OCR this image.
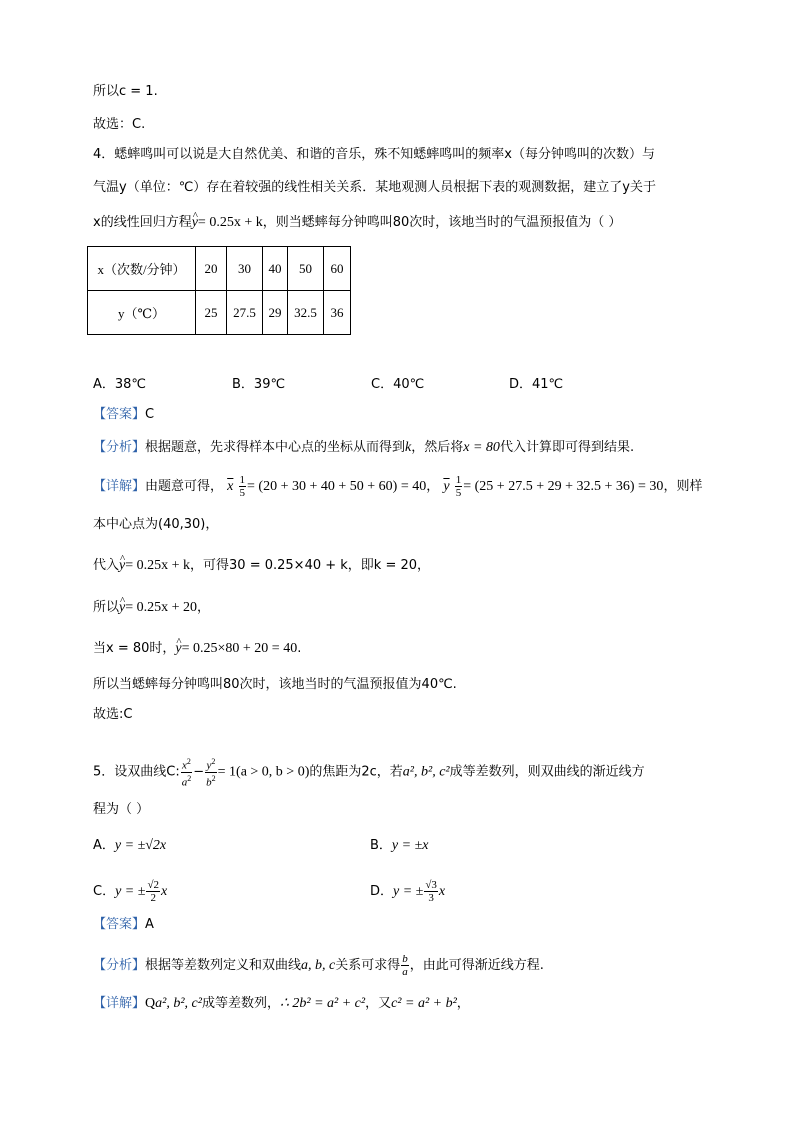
所以c = 1.
故选：C.
4．蟋蟀鸣叫可以说是大自然优美、和谐的音乐，殊不知蟋蟀鸣叫的频率x（每分钟鸣叫的次数）与
气温y（单位：℃）存在着较强的线性相关关系．某地观测人员根据下表的观测数据，建立了y关于
x的线性回归方程^ y= 0.25x + k，则当蟋蟀每分钟鸣叫80次时，该地当时的气温预报值为（ ）
x（次数/分钟）	20	30	40	50	60
y（℃）	25	27.5	29	32.5	36
A．38℃	B．39℃	C．40℃	D．41℃
【答案】C
【分析】根据题意，先求得样本中心点的坐标从而得到k，然后将x = 80代入计算即可得到结果.
【详解】由题意可得， $\overline{x} \frac{1}{5} = (20 + 30 + 40 + 50 + 60) = 40$， $\overline{y} \frac{1}{5} = (25 + 27.5 + 29 + 32.5 + 36) = 30$，则样
本中心点为(40,30)，
代入^ y= 0.25x + k，可得30 = 0.25×40 + k，即k = 20，
所以^ y= 0.25x + 20，
当x = 80时，^ y= 0.25×80 + 20 = 40.
所以当蟋蟀每分钟鸣叫80次时，该地当时的气温预报值为40℃.
故选:C
5．设双曲线C: $\frac{x^2}{a^2} - \frac{y^2}{b^2} = 1(a > 0$, b > 0)的焦距为2c，若a², b², c²成等差数列，则双曲线的渐近线方
程为（ ）
A．y = ±√2x	B．y = ±x
C．y = ± $\frac{√2}{2}$ x	D．y = ± $\frac{√3}{3}$ x
【答案】A
【分析】根据等差数列定义和双曲线a, b, c关系可求得 $\frac{b}{a}$ ，由此可得渐近线方程.
【详解】Qa², b², c²成等差数列，∴ 2b² = a² + c²，又c² = a² + b²，
